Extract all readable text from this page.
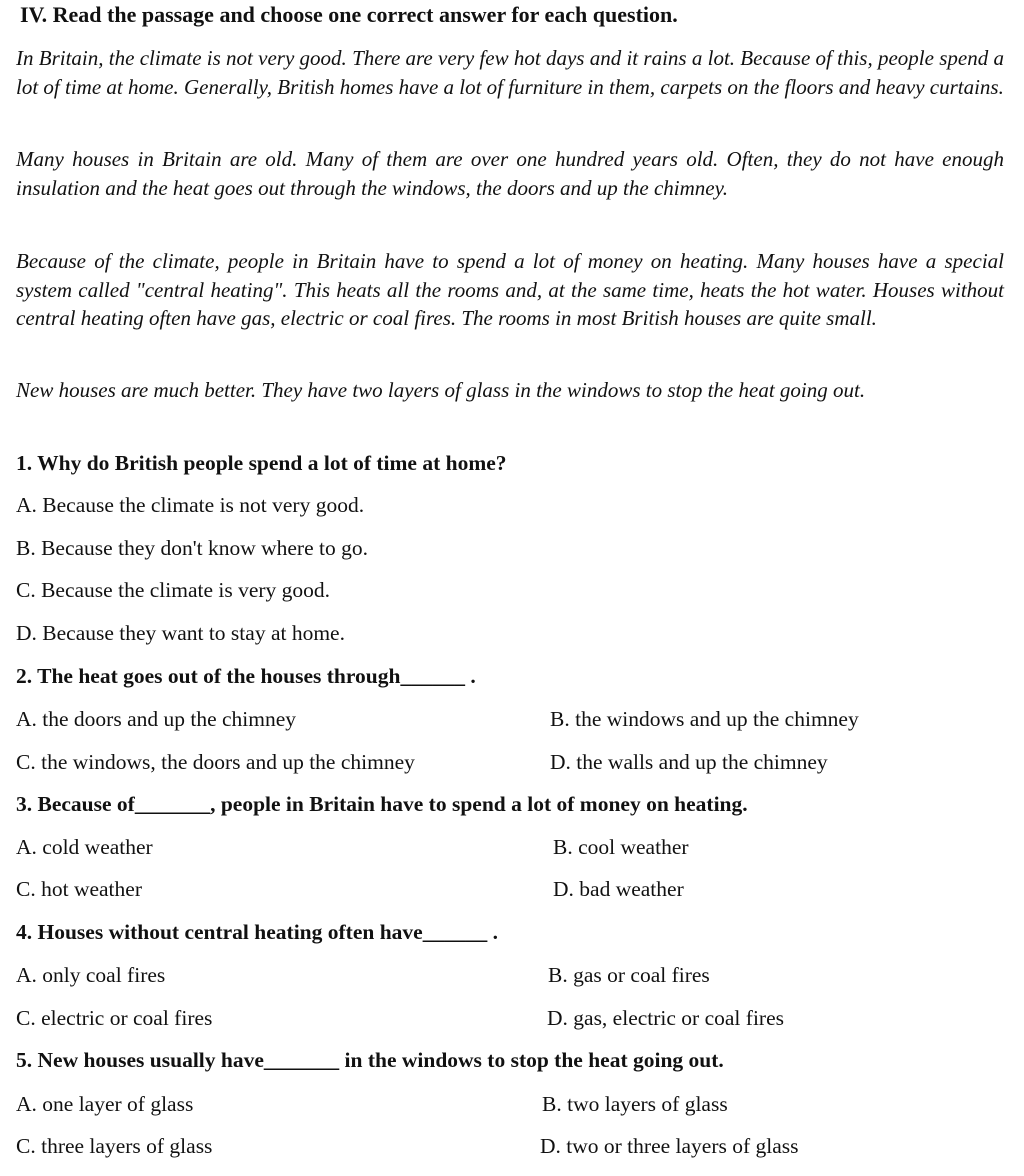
IV. Read the passage and choose one correct answer for each question.
In Britain, the climate is not very good. There are very few hot days and it rains a lot. Because of this, people spend a lot of time at home. Generally, British homes have a lot of furniture in them, carpets on the floors and heavy curtains.
Many houses in Britain are old. Many of them are over one hundred years old. Often, they do not have enough insulation and the heat goes out through the windows, the doors and up the chimney.
Because of the climate, people in Britain have to spend a lot of money on heating. Many houses have a special system called "central heating". This heats all the rooms and, at the same time, heats the hot water. Houses without central heating often have gas, electric or coal fires. The rooms in most British houses are quite small.
New houses are much better. They have two layers of glass in the windows to stop the heat going out.
1. Why do British people spend a lot of time at home?
A. Because the climate is not very good.
B. Because they don't know where to go.
C. Because the climate is very good.
D. Because they want to stay at home.
2. The heat goes out of the houses through______ .
A. the doors and up the chimney	B. the windows and up the chimney
C. the windows, the doors and up the chimney	D. the walls and up the chimney
3. Because of_______, people in Britain have to spend a lot of money on heating.
A. cold weather	B. cool weather
C. hot weather	D. bad weather
4. Houses without central heating often have______ .
A. only coal fires	B. gas or coal fires
C. electric or coal fires	D. gas, electric or coal fires
5. New houses usually have_______ in the windows to stop the heat going out.
A. one layer of glass	B. two layers of glass
C. three layers of glass	D. two or three layers of glass
